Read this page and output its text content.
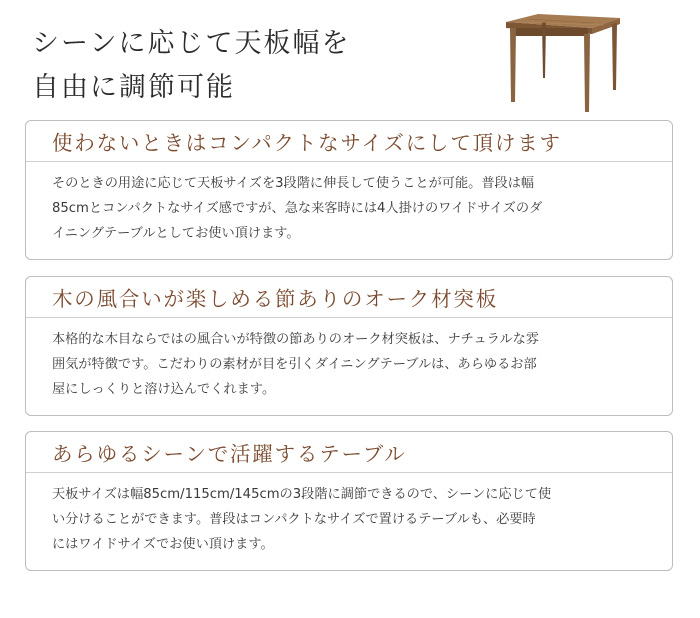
シーンに応じて天板幅を
自由に調節可能
使わないときはコンパクトなサイズにして頂けます

そのときの用途に応じて天板サイズを3段階に伸長して使うことが可能。普段は幅

85cmとコンパクトなサイズ感ですが、急な来客時には4人掛けのワイドサイズのダ

イニングテーブルとしてお使い頂けます。

木の風合いが楽しめる節ありのオーク材突板

本格的な木目ならではの風合いが特徴の節ありのオーク材突板は、ナチュラルな雰

囲気が特徴です。こだわりの素材が目を引くダイニングテーブルは、あらゆるお部

屋にしっくりと溶け込んでくれます。

あらゆるシーンで活躍するテーブル

天板サイズは幅85cm/115cm/145cmの3段階に調節できるので、シーンに応じて使

い分けることができます。普段はコンパクトなサイズで置けるテーブルも、必要時

にはワイドサイズでお使い頂けます。
